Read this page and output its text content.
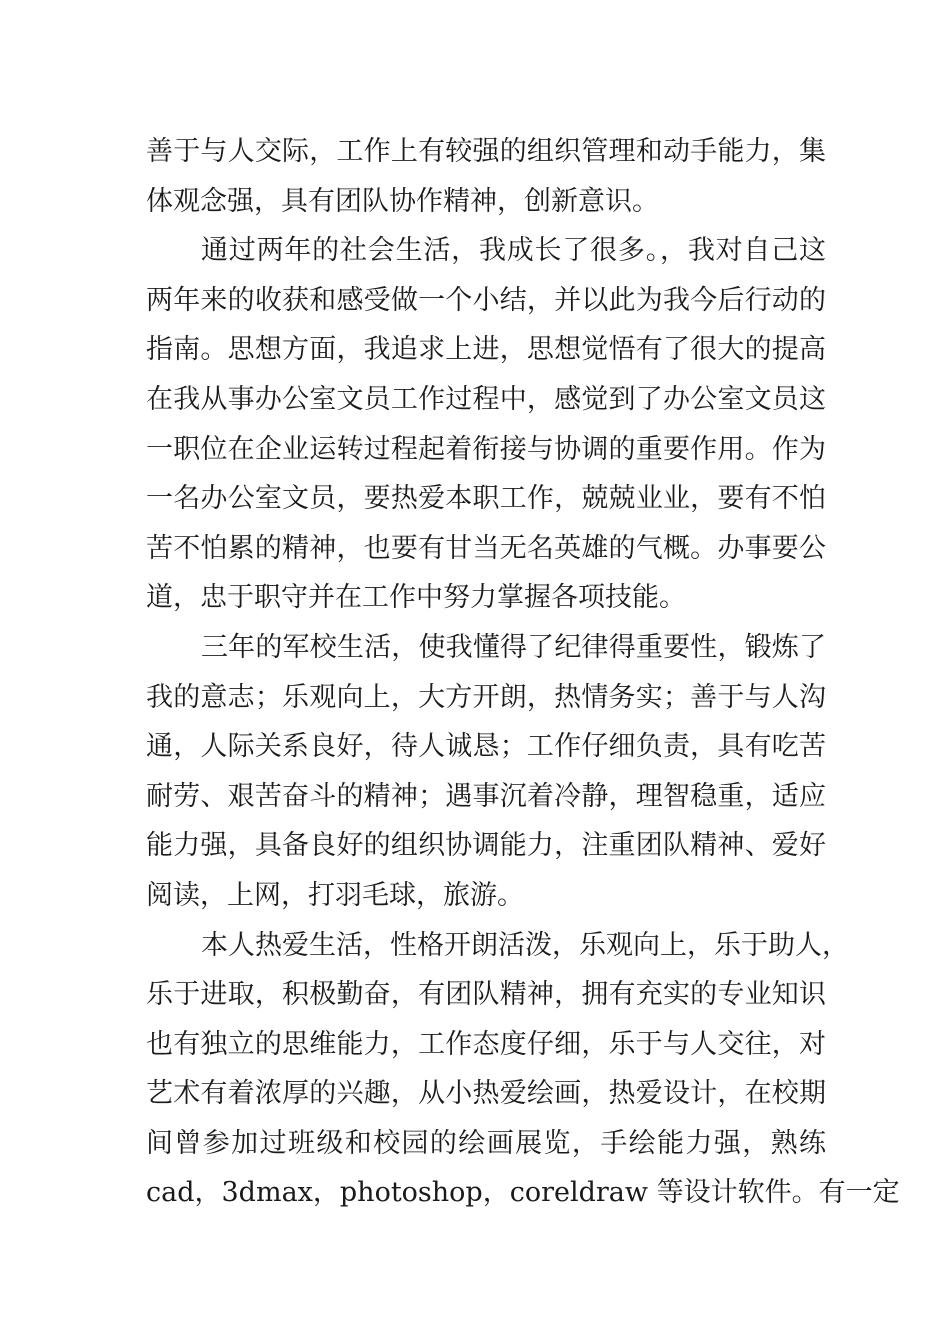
善于与人交际，工作上有较强的组织管理和动手能力，集
体观念强，具有团队协作精神，创新意识。
通过两年的社会生活，我成长了很多。，我对自己这
两年来的收获和感受做一个小结，并以此为我今后行动的
指南。思想方面，我追求上进，思想觉悟有了很大的提高
在我从事办公室文员工作过程中，感觉到了办公室文员这
一职位在企业运转过程起着衔接与协调的重要作用。作为
一名办公室文员，要热爱本职工作，兢兢业业，要有不怕
苦不怕累的精神，也要有甘当无名英雄的气概。办事要公
道，忠于职守并在工作中努力掌握各项技能。
三年的军校生活，使我懂得了纪律得重要性，锻炼了
我的意志；乐观向上，大方开朗，热情务实；善于与人沟
通，人际关系良好，待人诚恳；工作仔细负责，具有吃苦
耐劳、艰苦奋斗的精神；遇事沉着冷静，理智稳重，适应
能力强，具备良好的组织协调能力，注重团队精神、爱好
阅读，上网，打羽毛球，旅游。
本人热爱生活，性格开朗活泼，乐观向上，乐于助人，
乐于进取，积极勤奋，有团队精神，拥有充实的专业知识
也有独立的思维能力，工作态度仔细，乐于与人交往，对
艺术有着浓厚的兴趣，从小热爱绘画，热爱设计，在校期
间曾参加过班级和校园的绘画展览，手绘能力强，熟练
cad，3dmax，photoshop，coreldraw 等设计软件。有一定
